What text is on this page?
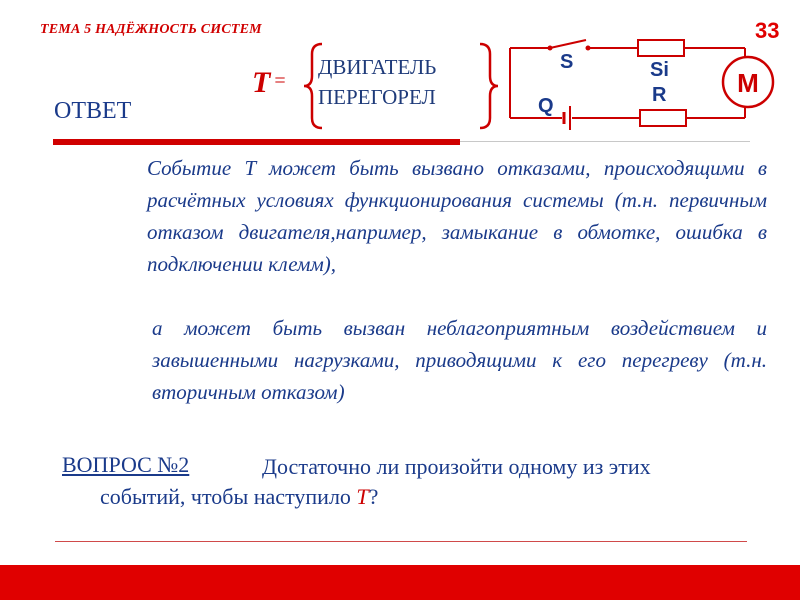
ТЕМА 5 НАДЁЖНОСТЬ СИСТЕМ	33
T =
ДВИГАТЕЛЬ
ПЕРЕГОРЕЛ	M
S
Q
Si
R
ОТВЕТ
Событие T может быть вызвано отказами, происходящими в расчётных условиях функционирования системы (т.н. первичным отказом двигателя,например, замыкание в обмотке, ошибка в подключении клемм),
а может быть вызван неблагоприятным воздействием и завышенными нагрузками, приводящими к его перегреву (т.н. вторичным отказом)
ВОПРОС №2	Достаточно ли произойти одному из этих
событий, чтобы наступило T?
